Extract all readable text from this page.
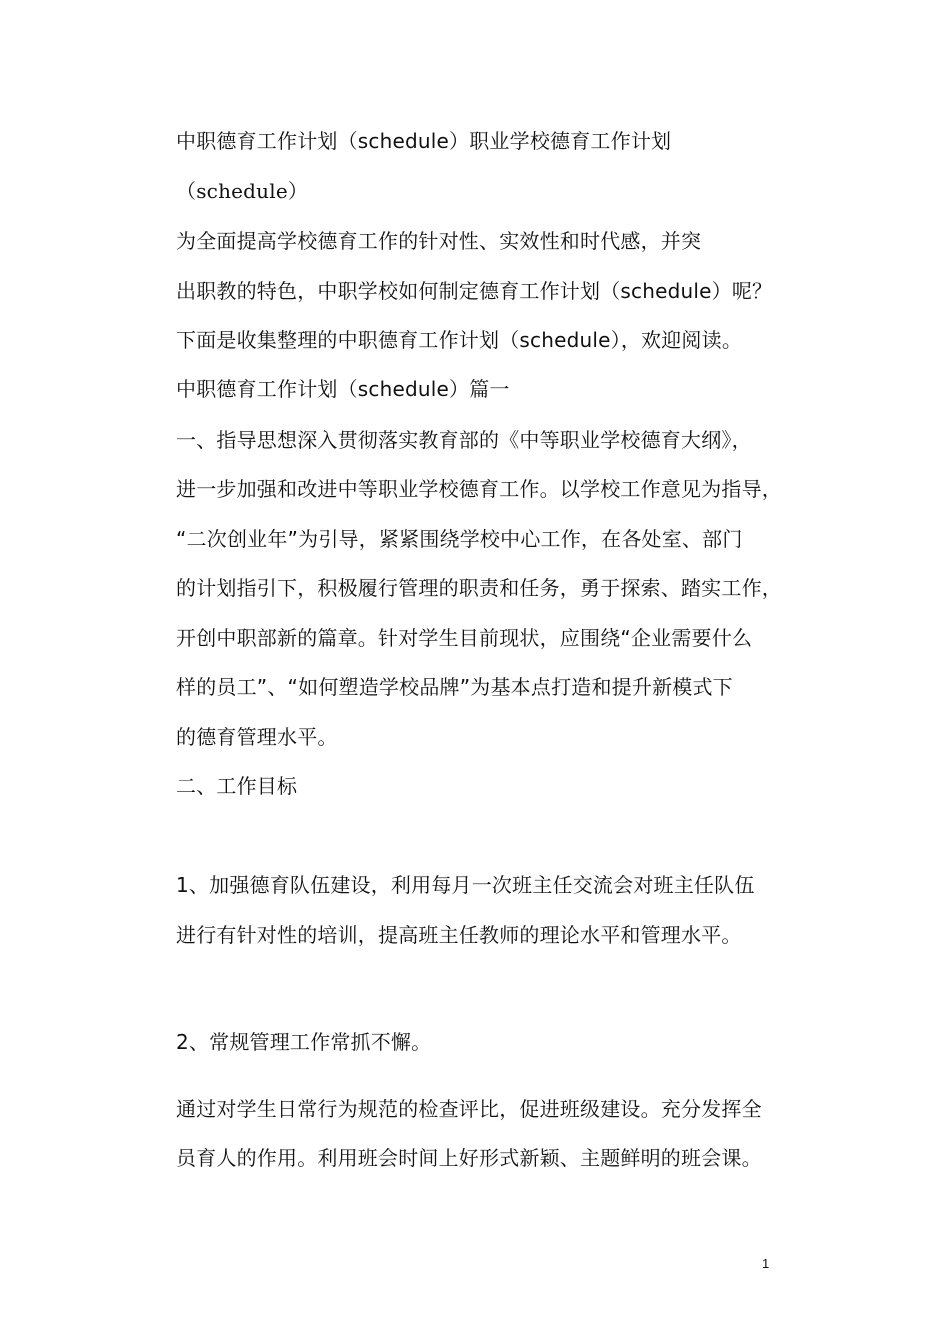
中职德育工作计划（schedule）职业学校德育工作计划
（schedule）
为全面提高学校德育工作的针对性、实效性和时代感，并突
出职教的特色，中职学校如何制定德育工作计划（schedule）呢？
下面是收集整理的中职德育工作计划（schedule），欢迎阅读。
中职德育工作计划（schedule）篇一
一、指导思想深入贯彻落实教育部的《中等职业学校德育大纲》，
进一步加强和改进中等职业学校德育工作。以学校工作意见为指导，
“二次创业年”为引导，紧紧围绕学校中心工作，在各处室、部门
的计划指引下，积极履行管理的职责和任务，勇于探索、踏实工作，
开创中职部新的篇章。针对学生目前现状，应围绕“企业需要什么
样的员工”、“如何塑造学校品牌”为基本点打造和提升新模式下
的德育管理水平。
二、工作目标
1、加强德育队伍建设，利用每月一次班主任交流会对班主任队伍
进行有针对性的培训，提高班主任教师的理论水平和管理水平。
2、常规管理工作常抓不懈。
通过对学生日常行为规范的检查评比，促进班级建设。充分发挥全
员育人的作用。利用班会时间上好形式新颖、主题鲜明的班会课。
1
